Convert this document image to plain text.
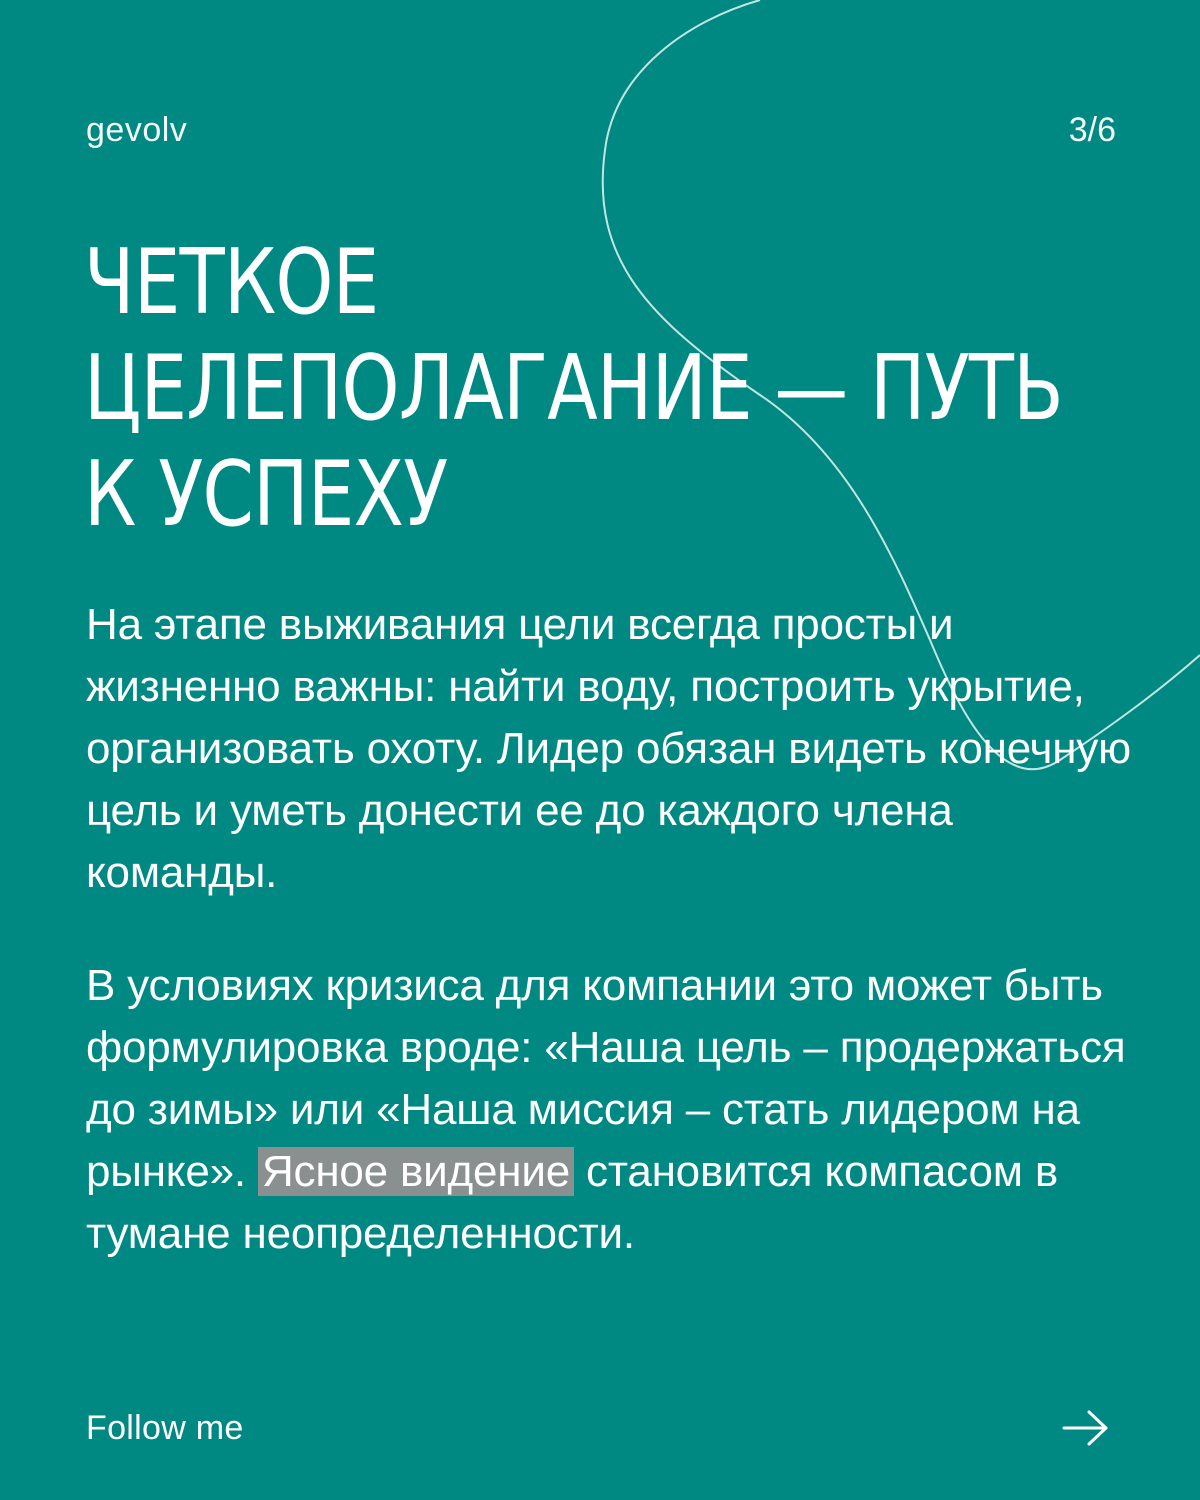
gevolv	3/6
ЧЕТКОЕ
ЦЕЛЕПОЛАГАНИЕ — ПУТЬ
К УСПЕХУ

На этапе выживания цели всегда просты и жизненно важны: найти воду, построить укрытие, организовать охоту. Лидер обязан видеть конечную цель и уметь донести ее до каждого члена команды.

В условиях кризиса для компании это может быть формулировка вроде: «Наша цель – продержаться до зимы» или «Наша миссия – стать лидером на рынке». Ясное видение становится компасом в тумане неопределенности.

Follow me
